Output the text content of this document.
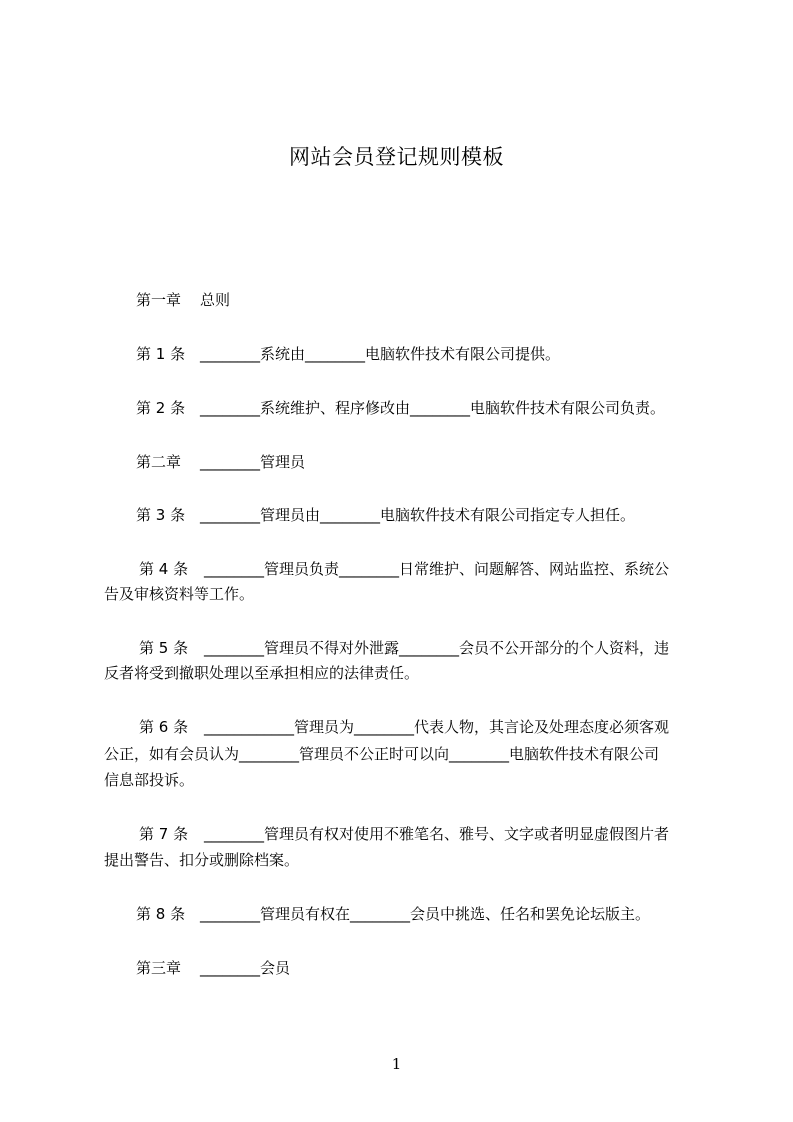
网站会员登记规则模板
第一章 总则
第 1 条 ________系统由________电脑软件技术有限公司提供。
第 2 条 ________系统维护、程序修改由________电脑软件技术有限公司负责。
第二章 ________管理员
第 3 条 ________管理员由________电脑软件技术有限公司指定专人担任。
第 4 条 ________管理员负责________日常维护、问题解答、网站监控、系统公
告及审核资料等工作。
第 5 条 ________管理员不得对外泄露________会员不公开部分的个人资料，违
反者将受到撤职处理以至承担相应的法律责任。
第 6 条 ____________管理员为________代表人物，其言论及处理态度必须客观
公正，如有会员认为________管理员不公正时可以向________电脑软件技术有限公司
信息部投诉。
第 7 条 ________管理员有权对使用不雅笔名、雅号、文字或者明显虚假图片者
提出警告、扣分或删除档案。
第 8 条 ________管理员有权在________会员中挑选、任名和罢免论坛版主。
第三章 ________会员
1
